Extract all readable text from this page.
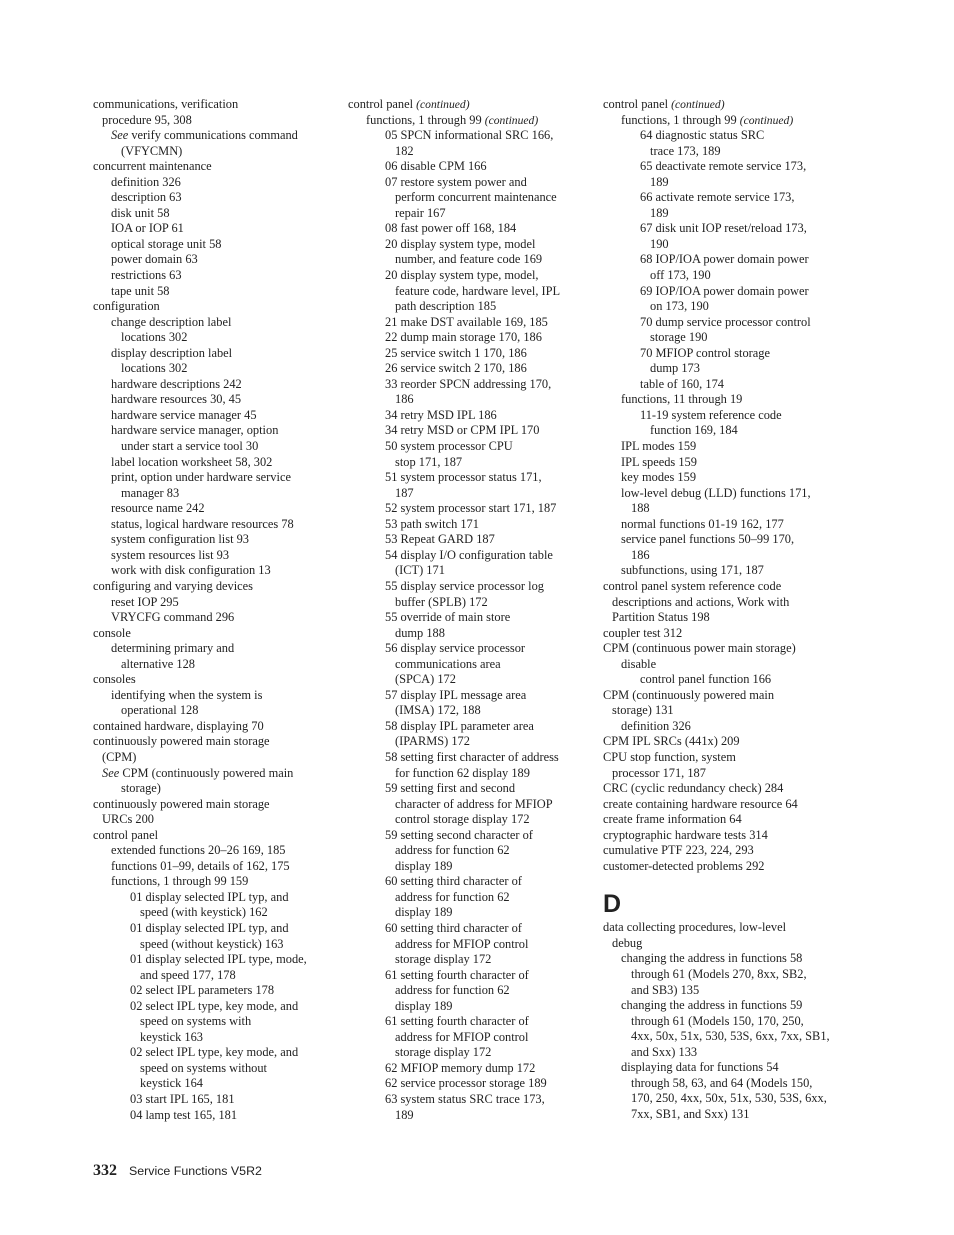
communications, verification
procedure 95, 308
See verify communications command
(VFYCMN)
concurrent maintenance
definition 326
description 63
disk unit 58
IOA or IOP 61
optical storage unit 58
power domain 63
restrictions 63
tape unit 58
configuration
change description label
locations 302
display description label
locations 302
hardware descriptions 242
hardware resources 30, 45
hardware service manager 45
hardware service manager, option
under start a service tool 30
label location worksheet 58, 302
print, option under hardware service
manager 83
resource name 242
status, logical hardware resources 78
system configuration list 93
system resources list 93
work with disk configuration 13
configuring and varying devices
reset IOP 295
VRYCFG command 296
console
determining primary and
alternative 128
consoles
identifying when the system is
operational 128
contained hardware, displaying 70
continuously powered main storage
(CPM)
See CPM (continuously powered main
storage)
continuously powered main storage
URCs 200
control panel
extended functions 20–26 169, 185
functions 01–99, details of 162, 175
functions, 1 through 99 159
01 display selected IPL typ, and
speed (with keystick) 162
01 display selected IPL typ, and
speed (without keystick) 163
01 display selected IPL type, mode,
and speed 177, 178
02 select IPL parameters 178
02 select IPL type, key mode, and
speed on systems with
keystick 163
02 select IPL type, key mode, and
speed on systems without
keystick 164
03 start IPL 165, 181
04 lamp test 165, 181
control panel (continued)
functions, 1 through 99 (continued)
05 SPCN informational SRC 166,
182
06 disable CPM 166
07 restore system power and
perform concurrent maintenance
repair 167
08 fast power off 168, 184
20 display system type, model
number, and feature code 169
20 display system type, model,
feature code, hardware level, IPL
path description 185
21 make DST available 169, 185
22 dump main storage 170, 186
25 service switch 1 170, 186
26 service switch 2 170, 186
33 reorder SPCN addressing 170,
186
34 retry MSD IPL 186
34 retry MSD or CPM IPL 170
50 system processor CPU
stop 171, 187
51 system processor status 171,
187
52 system processor start 171, 187
53 path switch 171
53 Repeat GARD 187
54 display I/O configuration table
(ICT) 171
55 display service processor log
buffer (SPLB) 172
55 override of main store
dump 188
56 display service processor
communications area
(SPCA) 172
57 display IPL message area
(IMSA) 172, 188
58 display IPL parameter area
(IPARMS) 172
58 setting first character of address
for function 62 display 189
59 setting first and second
character of address for MFIOP
control storage display 172
59 setting second character of
address for function 62
display 189
60 setting third character of
address for function 62
display 189
60 setting third character of
address for MFIOP control
storage display 172
61 setting fourth character of
address for function 62
display 189
61 setting fourth character of
address for MFIOP control
storage display 172
62 MFIOP memory dump 172
62 service processor storage 189
63 system status SRC trace 173,
189
control panel (continued)
functions, 1 through 99 (continued)
64 diagnostic status SRC
trace 173, 189
65 deactivate remote service 173,
189
66 activate remote service 173,
189
67 disk unit IOP reset/reload 173,
190
68 IOP/IOA power domain power
off 173, 190
69 IOP/IOA power domain power
on 173, 190
70 dump service processor control
storage 190
70 MFIOP control storage
dump 173
table of 160, 174
functions, 11 through 19
11-19 system reference code
function 169, 184
IPL modes 159
IPL speeds 159
key modes 159
low-level debug (LLD) functions 171,
188
normal functions 01-19 162, 177
service panel functions 50–99 170,
186
subfunctions, using 171, 187
control panel system reference code
descriptions and actions, Work with
Partition Status 198
coupler test 312
CPM (continuous power main storage)
disable
control panel function 166
CPM (continuously powered main
storage) 131
definition 326
CPM IPL SRCs (441x) 209
CPU stop function, system
processor 171, 187
CRC (cyclic redundancy check) 284
create containing hardware resource 64
create frame information 64
cryptographic hardware tests 314
cumulative PTF 223, 224, 293
customer-detected problems 292
D
data collecting procedures, low-level
debug
changing the address in functions 58
through 61 (Models 270, 8xx, SB2,
and SB3) 135
changing the address in functions 59
through 61 (Models 150, 170, 250,
4xx, 50x, 51x, 530, 53S, 6xx, 7xx, SB1,
and Sxx) 133
displaying data for functions 54
through 58, 63, and 64 (Models 150,
170, 250, 4xx, 50x, 51x, 530, 53S, 6xx,
7xx, SB1, and Sxx) 131
332 Service Functions V5R2
